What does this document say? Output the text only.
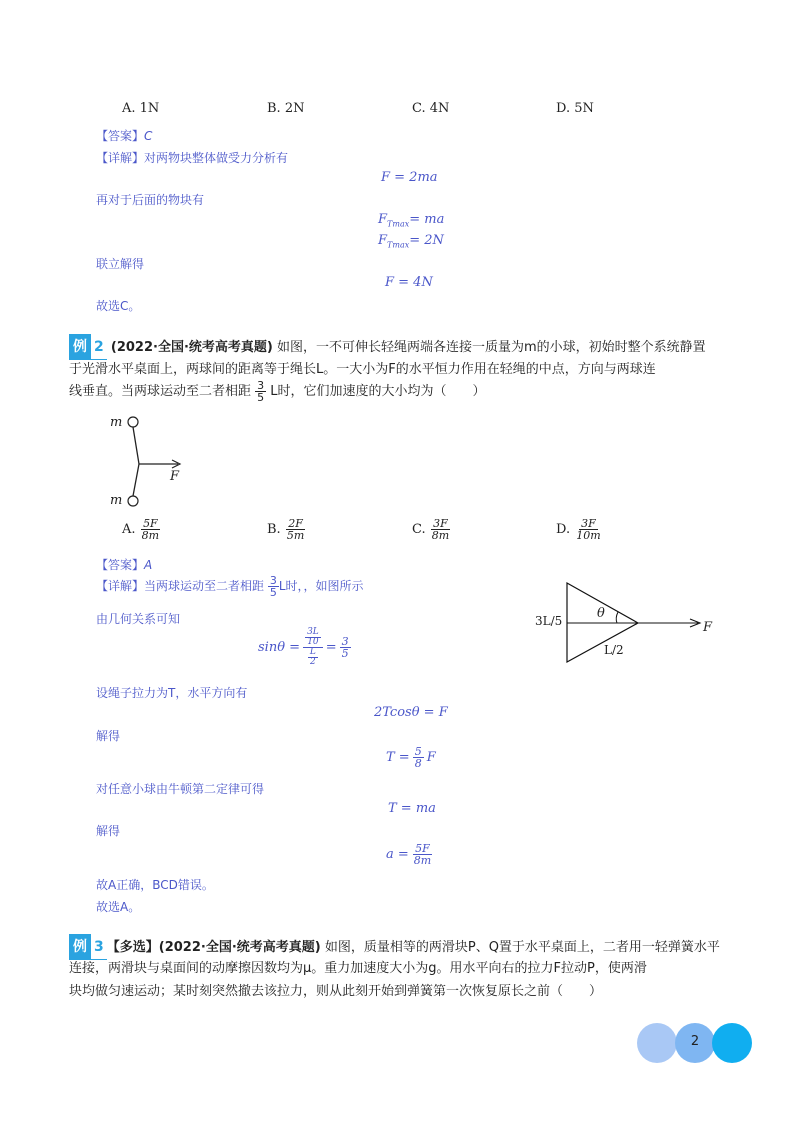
A. 1N	B. 2N	C. 4N	D. 5N
【答案】C
【详解】对两物块整体做受力分析有
F = 2ma
再对于后面的物块有
$F_{Tmax}=$ ma
$F_{Tmax}= 2N$
联立解得
F = 4N
故选C。
例 2 (2022·全国·统考高考真题) 如图，一不可伸长轻绳两端各连接一质量为m的小球，初始时整个系统静置
于光滑水平桌面上，两球间的距离等于绳长L。一大小为F的水平恒力作用在轻绳的中点，方向与两球连
线垂直。当两球运动至二者相距 $\frac{3}{5}$ L时，它们加速度的大小均为（　　）
m
m
F
A. $\frac{5F}{8m}$	B. $\frac{2F}{5m}$	C. $\frac{3F}{8m}$	D. $\frac{3F}{10m}$
【答案】A
【详解】当两球运动至二者相距 $\frac{3}{5}$ L时，，如图所示
由几何关系可知
$\sin\theta = \frac{\frac{3L}{10}}{\frac{L}{2}} = \frac{3}{5}$
设绳子拉力为T，水平方向有
2Tcosθ = F
解得
$T = \frac{5}{8}$ F
对任意小球由牛顿第二定律可得
T = ma
解得
$a = \frac{5F}{8m}$
故A正确，BCD错误。
故选A。
3L/5	θ
L/2
F
例 3 【多选】(2022·全国·统考高考真题) 如图，质量相等的两滑块P、Q置于水平桌面上，二者用一轻弹簧水平
连接，两滑块与桌面间的动摩擦因数均为μ。重力加速度大小为g。用水平向右的拉力F拉动P，使两滑
块均做匀速运动；某时刻突然撤去该拉力，则从此刻开始到弹簧第一次恢复原长之前（　　）
2
